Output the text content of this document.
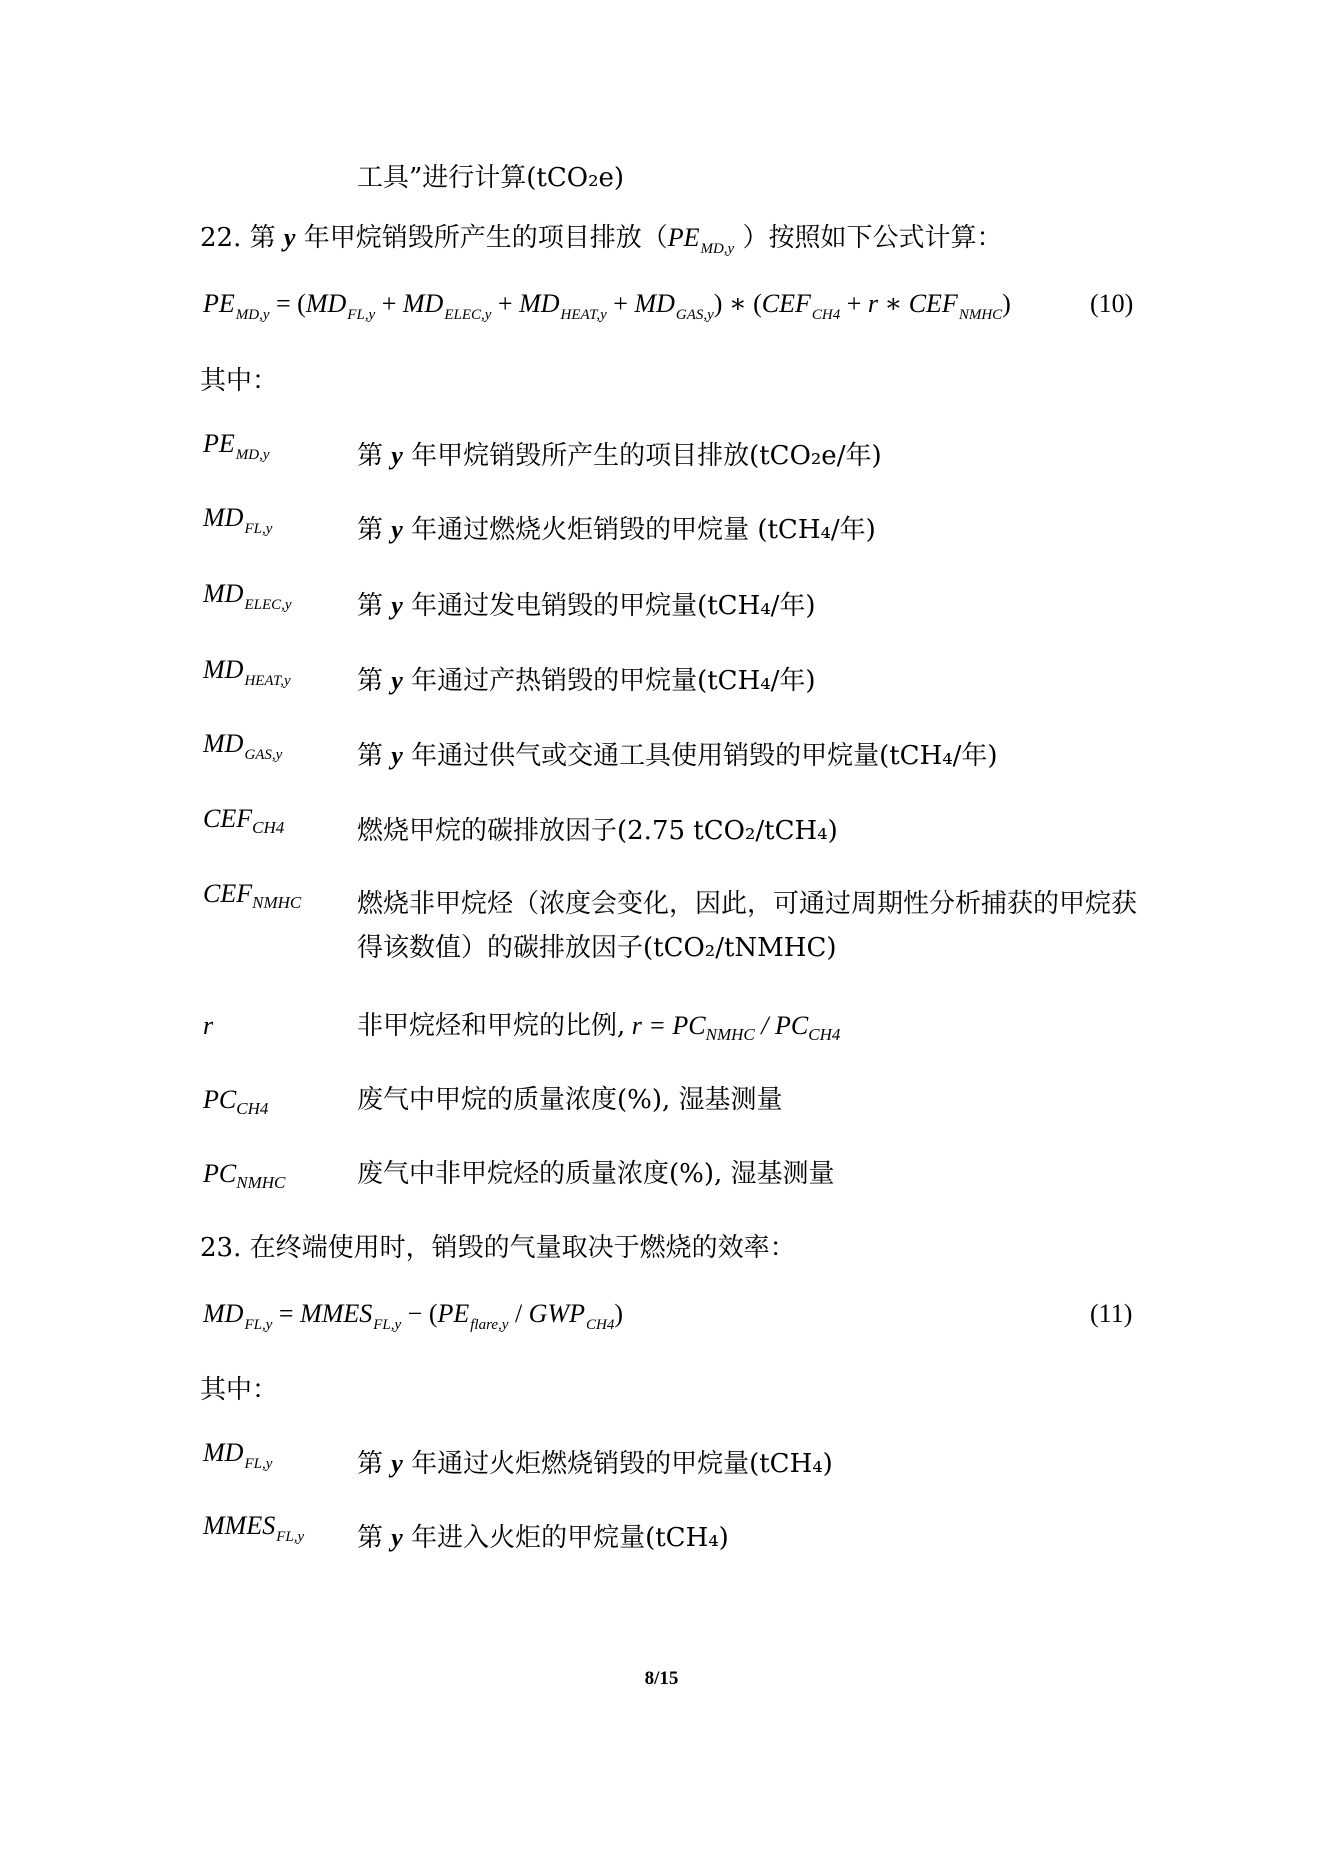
工具”进行计算(tCO₂e)
22. 第 y 年甲烷销毁所产生的项目排放（$PE_{MD,y}$ ）按照如下公式计算：
$PE_{MD,y} = (MD_{FL,y} + MD_{ELEC,y} + MD_{HEAT,y} + MD_{GAS,y})$ ∗ ($CEF_{CH4} + r$ ∗ $CEF_{NMHC}$)	(10)
其中：
$PE_{MD,y}$	第 y 年甲烷销毁所产生的项目排放(tCO₂e/年)
$MD_{FL,y}$	第 y 年通过燃烧火炬销毁的甲烷量 (tCH₄/年)
$MD_{ELEC,y}$	第 y 年通过发电销毁的甲烷量(tCH₄/年)
$MD_{HEAT,y}$	第 y 年通过产热销毁的甲烷量(tCH₄/年)
$MD_{GAS,y}$	第 y 年通过供气或交通工具使用销毁的甲烷量(tCH₄/年)
$CEF_{CH4}$	燃烧甲烷的碳排放因子(2.75 tCO₂/tCH₄)
$CEF_{NMHC}$ 燃烧非甲烷烃（浓度会变化，因此，可通过周期性分析捕获的甲烷获得该数值）的碳排放因子(tCO₂/tNMHC)
r	非甲烷烃和甲烷的比例, $r = PC_{NMHC} / PC_{CH4}$
$PC_{CH4}$	废气中甲烷的质量浓度(%), 湿基测量
$PC_{NMHC}$	废气中非甲烷烃的质量浓度(%), 湿基测量
23. 在终端使用时，销毁的气量取决于燃烧的效率：
$MD_{FL,y}$ = $MMES_{FL,y} - (PE_{flare,y} / GWP_{CH4})$	(11)
其中：
$MD_{FL,y}$	第 y 年通过火炬燃烧销毁的甲烷量(tCH₄)
$MMES_{FL,y}$ 第 y 年进入火炬的甲烷量(tCH₄)
8/15
